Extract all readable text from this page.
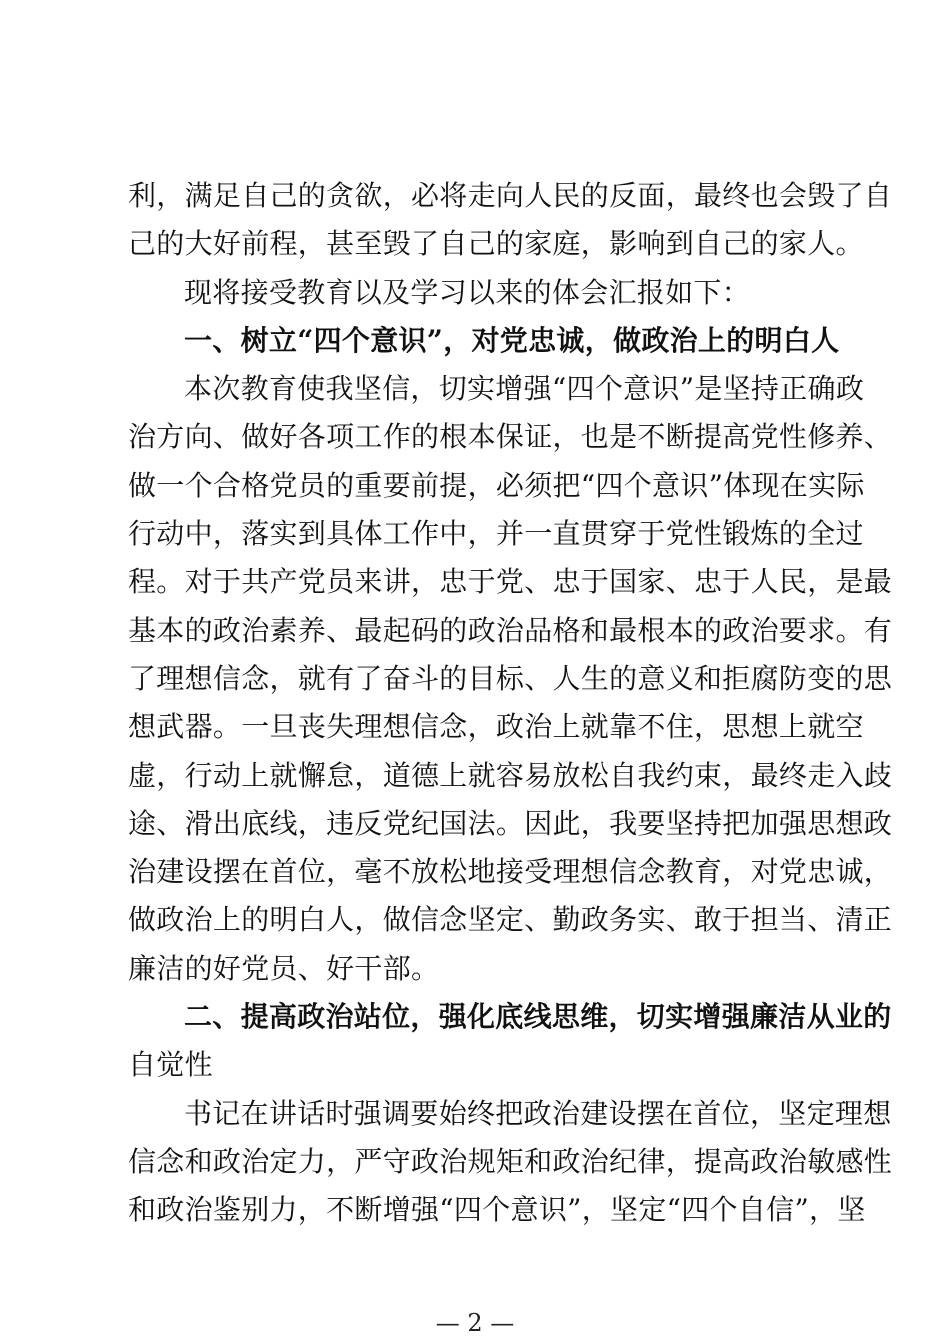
利，满足自己的贪欲，必将走向人民的反面，最终也会毁了自
己的大好前程，甚至毁了自己的家庭，影响到自己的家人。
现将接受教育以及学习以来的体会汇报如下：
一、树立“四个意识”，对党忠诚，做政治上的明白人
本次教育使我坚信，切实增强“四个意识”是坚持正确政
治方向、做好各项工作的根本保证，也是不断提高党性修养、
做一个合格党员的重要前提，必须把“四个意识”体现在实际
行动中，落实到具体工作中，并一直贯穿于党性锻炼的全过
程。对于共产党员来讲，忠于党、忠于国家、忠于人民，是最
基本的政治素养、最起码的政治品格和最根本的政治要求。有
了理想信念，就有了奋斗的目标、人生的意义和拒腐防变的思
想武器。一旦丧失理想信念，政治上就靠不住，思想上就空
虚，行动上就懈怠，道德上就容易放松自我约束，最终走入歧
途、滑出底线，违反党纪国法。因此，我要坚持把加强思想政
治建设摆在首位，毫不放松地接受理想信念教育，对党忠诚，
做政治上的明白人，做信念坚定、勤政务实、敢于担当、清正
廉洁的好党员、好干部。
二、提高政治站位，强化底线思维，切实增强廉洁从业的
自觉性
书记在讲话时强调要始终把政治建设摆在首位，坚定理想
信念和政治定力，严守政治规矩和政治纪律，提高政治敏感性
和政治鉴别力，不断增强“四个意识”，坚定“四个自信”，坚
— 2 —
